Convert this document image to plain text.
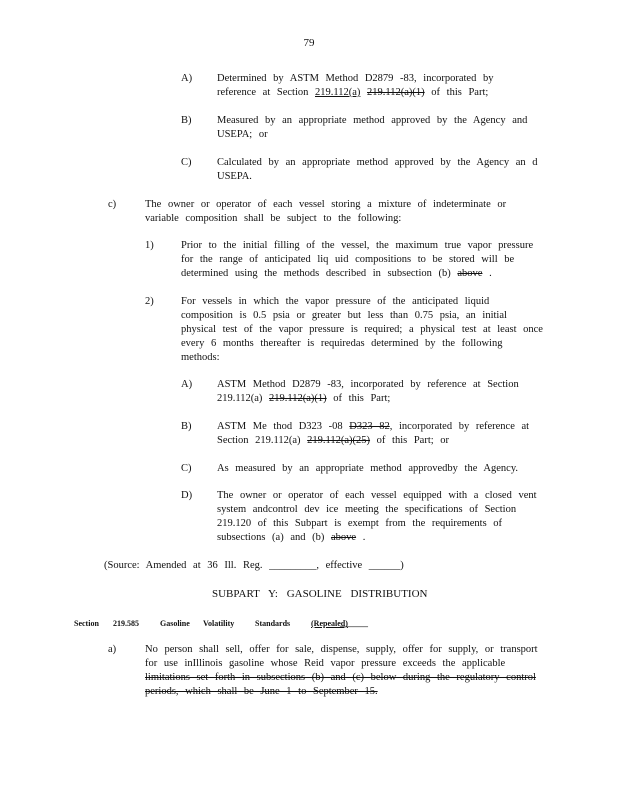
79
A) Determined by ASTM Method D2879 -83, incorporated by
reference at Section 219.112(a) 219.112(a)(1) of this Part;
B) Measured by an appropriate method approved by the Agency and
USEPA; or
C) Calculated by an appropriate method approved by the Agency an d
USEPA.
c)	The owner or operator of each vessel storing a mixture of indeterminate or
variable composition shall be subject to the following:
1)	Prior to the initial filling of the vessel, the maximum true vapor pressure
for the range of anticipated liq uid compositions to be stored will be
determined using the methods described in subsection (b) above .
2)	For vessels in which the vapor pressure of the anticipated liquid
composition is 0.5 psia or greater but less than 0.75 psia, an initial
physical test of the vapor pressure is required; a physical test at least once
every 6 months thereafter is requiredas determined by the following
methods:
A) ASTM Method D2879 -83, incorporated by reference at Section
219.112(a) 219.112(a)(1) of this Part;
B) ASTM Me thod D323 -08 D323 82, incorporated by reference at
Section 219.112(a) 219.112(a)(25) of this Part; or
C) As measured by an appropriate method approvedby the Agency.
D) The owner or operator of each vessel equipped with a closed vent
system andcontrol dev ice meeting the specifications of Section
219.120 of this Subpart is exempt from the requirements of
subsections (a) and (b) above .
(Source: Amended at 36 Ill. Reg. _________, effective ______)
SUBPART Y: GASOLINE DISTRIBUTION
Section 219.585	Gasoline Volatility	Standards	(Repealed)
_______
a)	No person shall sell, offer for sale, dispense, supply, offer for supply, or transport
for use inIllinois gasoline whose Reid vapor pressure exceeds the applicable
limitations set forth in subsections (b) and (c) below during the regulatory control
periods, which shall be June 1 to September 15.
